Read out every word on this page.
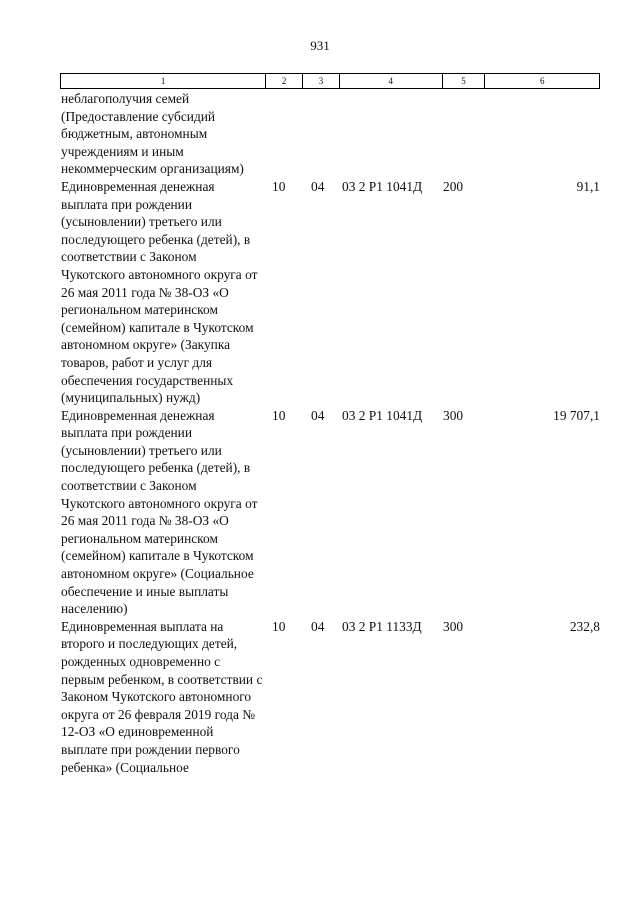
931
1	2	3	4	5	6
неблагополучия семей (Предоставление субсидий бюджетным, автономным учреждениям и иным некоммерческим организациям)
Единовременная денежная выплата при рождении (усыновлении) третьего или последующего ребенка (детей), в соответствии с Законом Чукотского автономного округа от 26 мая 2011 года № 38-ОЗ «О региональном материнском (семейном) капитале в Чукотском автономном округе» (Закупка товаров, работ и услуг для обеспечения государственных (муниципальных) нужд)
10	04	03 2 Р1 1041Д	200	91,1
Единовременная денежная выплата при рождении (усыновлении) третьего или последующего ребенка (детей), в соответствии с Законом Чукотского автономного округа от 26 мая 2011 года № 38-ОЗ «О региональном материнском (семейном) капитале в Чукотском автономном округе» (Социальное обеспечение и иные выплаты населению)
10	04	03 2 Р1 1041Д	300	19 707,1
Единовременная выплата на второго и последующих детей, рожденных одновременно с первым ребенком, в соответствии с Законом Чукотского автономного округа от 26 февраля 2019 года № 12-ОЗ «О единовременной выплате при рождении первого ребенка» (Социальное
10	04	03 2 Р1 1133Д	300	232,8
